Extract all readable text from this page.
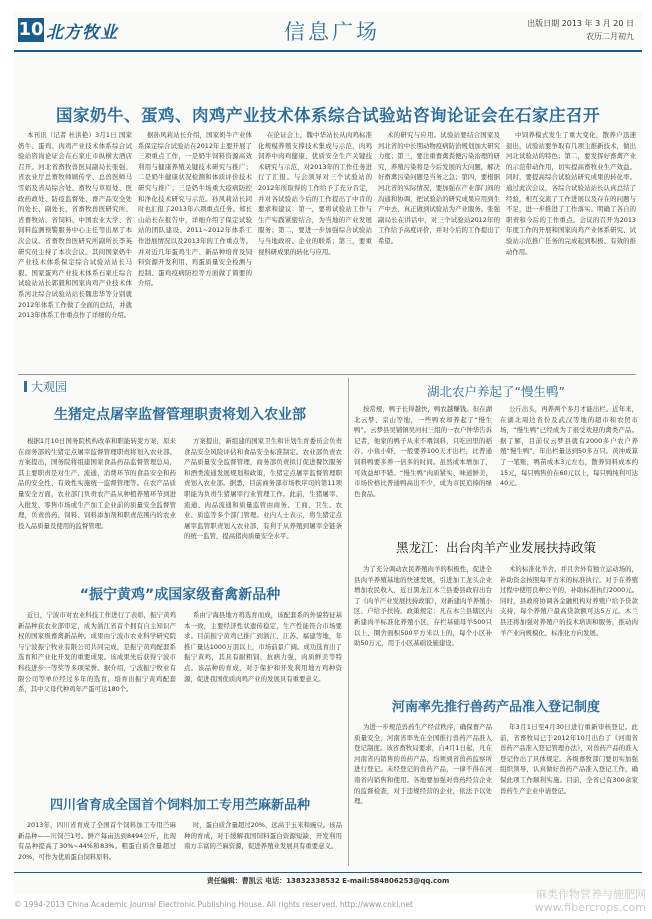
10 北方牧业	信息广场	出版日期 2013 年 3 月 20 日
农历二月初九
国家奶牛、蛋鸡、肉鸡产业技术体系综合试验站咨询论证会在石家庄召开

本刊讯（记者 杜洪艳）3月1日 国家奶牛、蛋鸡、肉鸡产业技术体系综合试验站咨询论证会在石家庄市纵横大酒店召开。河北省畜牧兽医局副局长张强、省农业厅总畜牧师顾传学、总兽医师马雪娟及省局综合处、畜牧与草原处、医政药政处、防疫监督处、畜产品安全处的处长、副处长，省畜牧兽医研究所、省畜牧站、省饲料、中国农业大学、省饲料监测预警服务中心主任等出席了本次会议。省畜牧兽医研究所副所长李英研究员主持了本次会议。其间国家奶牛产业技术体系保定综合试验站站长马毅、国家蛋鸡产业技术体系石家庄综合试验站站长郭毅和国家肉鸡产业技术体系河北综合试验站站长魏忠华等分别就2012年体系工作做了全面的总结，并就2013年体系工作重点作了详细的介绍。

据孙风莉站长介绍，国家奶牛产业体系保定综合试验站在2012年主要开展了三项重点工作，一是奶牛饲料资源高效利用与健康养殖关键技术研究与推广；二是奶牛健康状况检测和体质评价技术研究与推广；三是奶牛场重大疫病防控和净化技术研究与示范。孙风莉站长同时也汇报了2013年六项重点任务。郑长山站长在报告中，详细介绍了保定试验站的团队建设、2011~2012年体系工作进展情况以及2013年的工作重点等。并对近几年蛋鸡生产、新品种培育及饲料资源开发利用、鸡蛋质量安全检测与控制、蛋鸡疫病防控等方面做了简要的介绍。

在论证会上，魏中华站长从肉鸡标准化规模养殖支撑技术集成与示范，肉鸡饲养中肉鸡健康、优质安全生产关键技术研究与示范，对2013年的工作任务进行了汇报。与会领导对三个试验站的2012年所取得的工作给予了充分肯定，并对各试验站今后的工作提出了中肯的要求和建议：第一，要将试验站工作与生产实践紧密结合，为当地的产业发展服务；第二，要进一步加强综合试验站与当地政府、企业的联系；第三，要重视科研成果的转化与应用。

术的研究与应用。试验站要结合国家及河北省的中长期动物疫病防治规划加大研究力度；第三，要注重畜禽粪便污染治理的研究，养殖污染将是今后发展的大问题，解决好畜禽污染问题是当务之急；第四，要根据河北省的实际情况，要加强在产业部门间的沟通和协调，把试验站的研究成果应用到生产中去，真正做到试验站为产业服务。张强副局长在讲话中，对三个试验站2012年的工作给予高度评价，并对今后的工作提出了希望。

中饲养模式发生了重大变化，散养户迅速退出，试验站要争取有几项主推新技术，做出河北试验站的特色；第二，要发挥好畜禽产业的示范带动作用，切实提高畜牧业生产效益。同时，要提高综合试验站研究成果的转化率。通过此次会议，各综合试验站站长认真总结了经验，相互交流了工作进展以及存在的问题与不足，进一步推进了工作落实。明确了各自的职责和今后的工作重点。会议的召开为2013年度工作的开展和国家肉鸡产业体系研究、试验站示范推广任务的完成起到积极、有效的推动作用。

大观园
生猪定点屠宰监督管理职责将划入农业部

根据1月10日国务院机构改革和职能转变方案，原来在商务部的生猪定点屠宰监督管理职责将划入农业部。方案提出，国务院将组建国家食品药品监督管理总局，其主要职责是对生产、流通、消费环节的食品安全和药品的安全性、有效性实施统一监督管理等。在农产品质量安全方面，农业部门负责农产品从种植养殖环节到进入批发、零售市场或生产加工企业前的质量安全监督管理，负责兽药、饲料、饲料添加剂和职责范围内的农业投入品质量及使用的监督管理。

方案提出，新组建的国家卫生和计划生育委员会负责食品安全风险评估和食品安全标准制定。农业部负责农产品质量安全监督管理，商务部负责拟订促进餐饮服务和酒类流通发展规划和政策，生猪定点屠宰监督管理职责划入农业部。据悉，目前商务部市场秩序司的第11项职能为负责生猪屠宰行业管理工作。此前，生猪屠宰、流通、肉品流通和质量监管由商务、工商、卫生、农业、质监等多个部门管理。业内人士表示，将生猪定点屠宰监管职责划入农业部，有利于从养殖到屠宰全链条的统一监管，提高猪肉质量安全水平。

“振宁黄鸡”成国家级畜禽新品种

近日，宁波市对农业科技工作进行了表彰，振宁黄鸡新品种获农业部审定，成为浙江省首个拥有自主知识产权的国家级畜禽新品种。成果由宁波市农业科学研究院与宁波振宁牧业有限公司共同完成，是振宁黄鸡配套系选育和产业化开发的重要成果。该成果先后获得宁波市科技进步一等奖等多项荣誉。据介绍，宁波振宁牧业有限公司等单位经过多年的选育，培育出振宁黄鸡配套系，其中父母代种鸡年产蛋可达180个。

系由宁海县地方鸡选育而成，该配套系的外貌特征基本一致，主要经济性状遗传稳定，生产性能符合市场要求。目前振宁黄鸡已推广到浙江、江苏、福建等地，年推广量达1000万羽以上，市场前景广阔。成功选育出了振宁黄鸡，其具有耐粗饲、抗病力强、肉质鲜美等特点。该品种的育成，对于保护和开发利用地方鸡种资源，促进我国优质肉鸡产业的发展具有重要意义。

四川省育成全国首个饲料加工专用苎麻新品种

2013年，四川省育成了全国首个饲料加工专用苎麻新品种——川饲苎1号。鲜产每亩达到8494公斤，比现有品种提高了30%~44%和83%。粗蛋白质含量超过20%，可作为优质蛋白饲料原料。

时，蛋白质含量超过20%，远高于玉米和豌豆。该品种的育成，对于缓解我国饲料蛋白资源短缺，开发利用南方丰富的苎麻资源，促进养殖业发展具有重要意义。

湖北农户养起了“慢生鸭”

按常规，鸭子长得越快，鸭农越赚钱。但在湖北云梦、京山等地，一些鸭农却养起了“慢生鸭”。云梦县吴铺镇吴河村三组的一农户钟华告诉记者，他家的鸭子从来不喂饲料，只吃田里的稻谷、小鱼小虾，一般要养100天才出栏，比普通饲料鸭要多养一倍多的时间。虽然成本增加了，可效益却不错。“慢生鸭”肉质紧实、味道鲜美，市场价格比普通鸭高出不少，成为市民追捧的绿色食品。

公斤出头，再养两个多月才能出栏。近年来，在湖北周边省份及武汉等地的超市和农贸市场，“慢生鸭”已经成为了很受欢迎的禽类产品。据了解，目前仅云梦县就有2000多户农户养殖“慢生鸭”，年出栏量达到50多万只。黄冲成算了一笔账，鸭苗成本3元左右，散养饲料成本约15元，每只鸭售价在60元以上，每只鸭纯利可达40元。

黑龙江：出台肉羊产业发展扶持政策

为了充分调动农民养殖肉羊的积极性，促进全县肉羊养殖基地的快速发展，引进加工龙头企业增加农民收入，近日黑龙江木兰县委县政府出台了《肉羊产业发展扶持政策》，对新建肉羊养殖小区、户给予扶持。政策规定：凡在木兰县辖区内新建肉羊标准化养殖小区，存栏基础母羊500只以上、圈舍面积500平方米以上的，每个小区补助50万元，用于小区基础设施建设。

术的标准化羊舍，并且舍外有独立运动场的，补助资金按照每平方米的标准执行。对于在养殖过程中使用良种公羊的，补助标准执行2000元。同时，县政府协调各金融机构对养殖户给予贷款支持，每个养殖户最高贷款额可达5万元。木兰县还将加强对养殖户的技术培训和服务，推动肉羊产业向规模化、标准化方向发展。

河南率先推行兽药产品准入登记制度

为进一步规范兽药生产经营秩序，确保畜产品质量安全，河南省率先在全国推行兽药产品准入登记制度。该省畜牧局要求，自4月1日起，凡在河南省内销售的兽药产品，均须到省兽药监察所进行登记。未经登记的兽药产品，一律不得在河南省内销售和使用。各地要加强对兽药经营企业的监督检查，对于违规经营的企业，依法予以处理。

年3月1日至4月30日进行重新审核登记。此前，省畜牧局已于2012年10月出台了《河南省兽药产品准入登记管理办法》，对兽药产品的准入登记作出了具体规定。各级畜牧部门要切实加强组织领导，认真做好兽药产品准入登记工作，确保此项工作顺利实施。目前，全省已有300余家兽药生产企业申请登记。

责任编辑：曹凯云 电话：13832338532 E-mail:584806253@qq.com
© 1994-2013 China Academic Journal Electronic Publishing House. All rights reserved. http://www.cnki.net
麻类作物营养与施肥网
www.fibercrops.com
